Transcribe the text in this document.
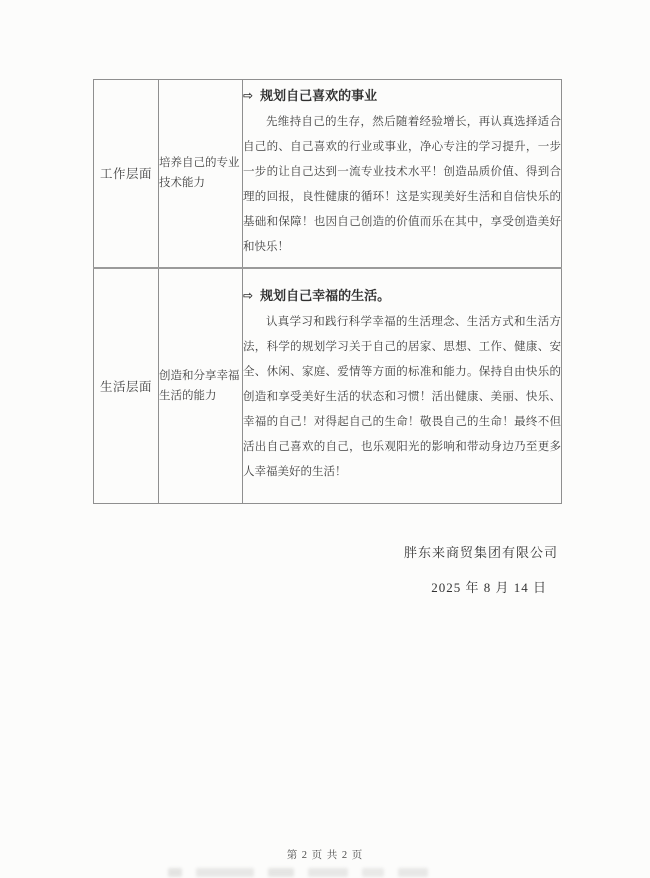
工作层面	培养自己的专业技术能力	⇨ 规划自己喜欢的事业

先维持自己的生存，然后随着经验增长，再认真选择适合自己的、自己喜欢的行业或事业，净心专注的学习提升，一步一步的让自己达到一流专业技术水平！创造品质价值、得到合理的回报，良性健康的循环！这是实现美好生活和自信快乐的基础和保障！也因自己创造的价值而乐在其中，享受创造美好和快乐！

生活层面	创造和分享幸福生活的能力	⇨ 规划自己幸福的生活。

认真学习和践行科学幸福的生活理念、生活方式和生活方法，科学的规划学习关于自己的居家、思想、工作、健康、安全、休闲、家庭、爱情等方面的标准和能力。保持自由快乐的创造和享受美好生活的状态和习惯！活出健康、美丽、快乐、幸福的自己！对得起自己的生命！敬畏自己的生命！最终不但活出自己喜欢的自己，也乐观阳光的影响和带动身边乃至更多人幸福美好的生活！

胖东来商贸集团有限公司
2025 年 8 月 14 日
第 2 页 共 2 页
